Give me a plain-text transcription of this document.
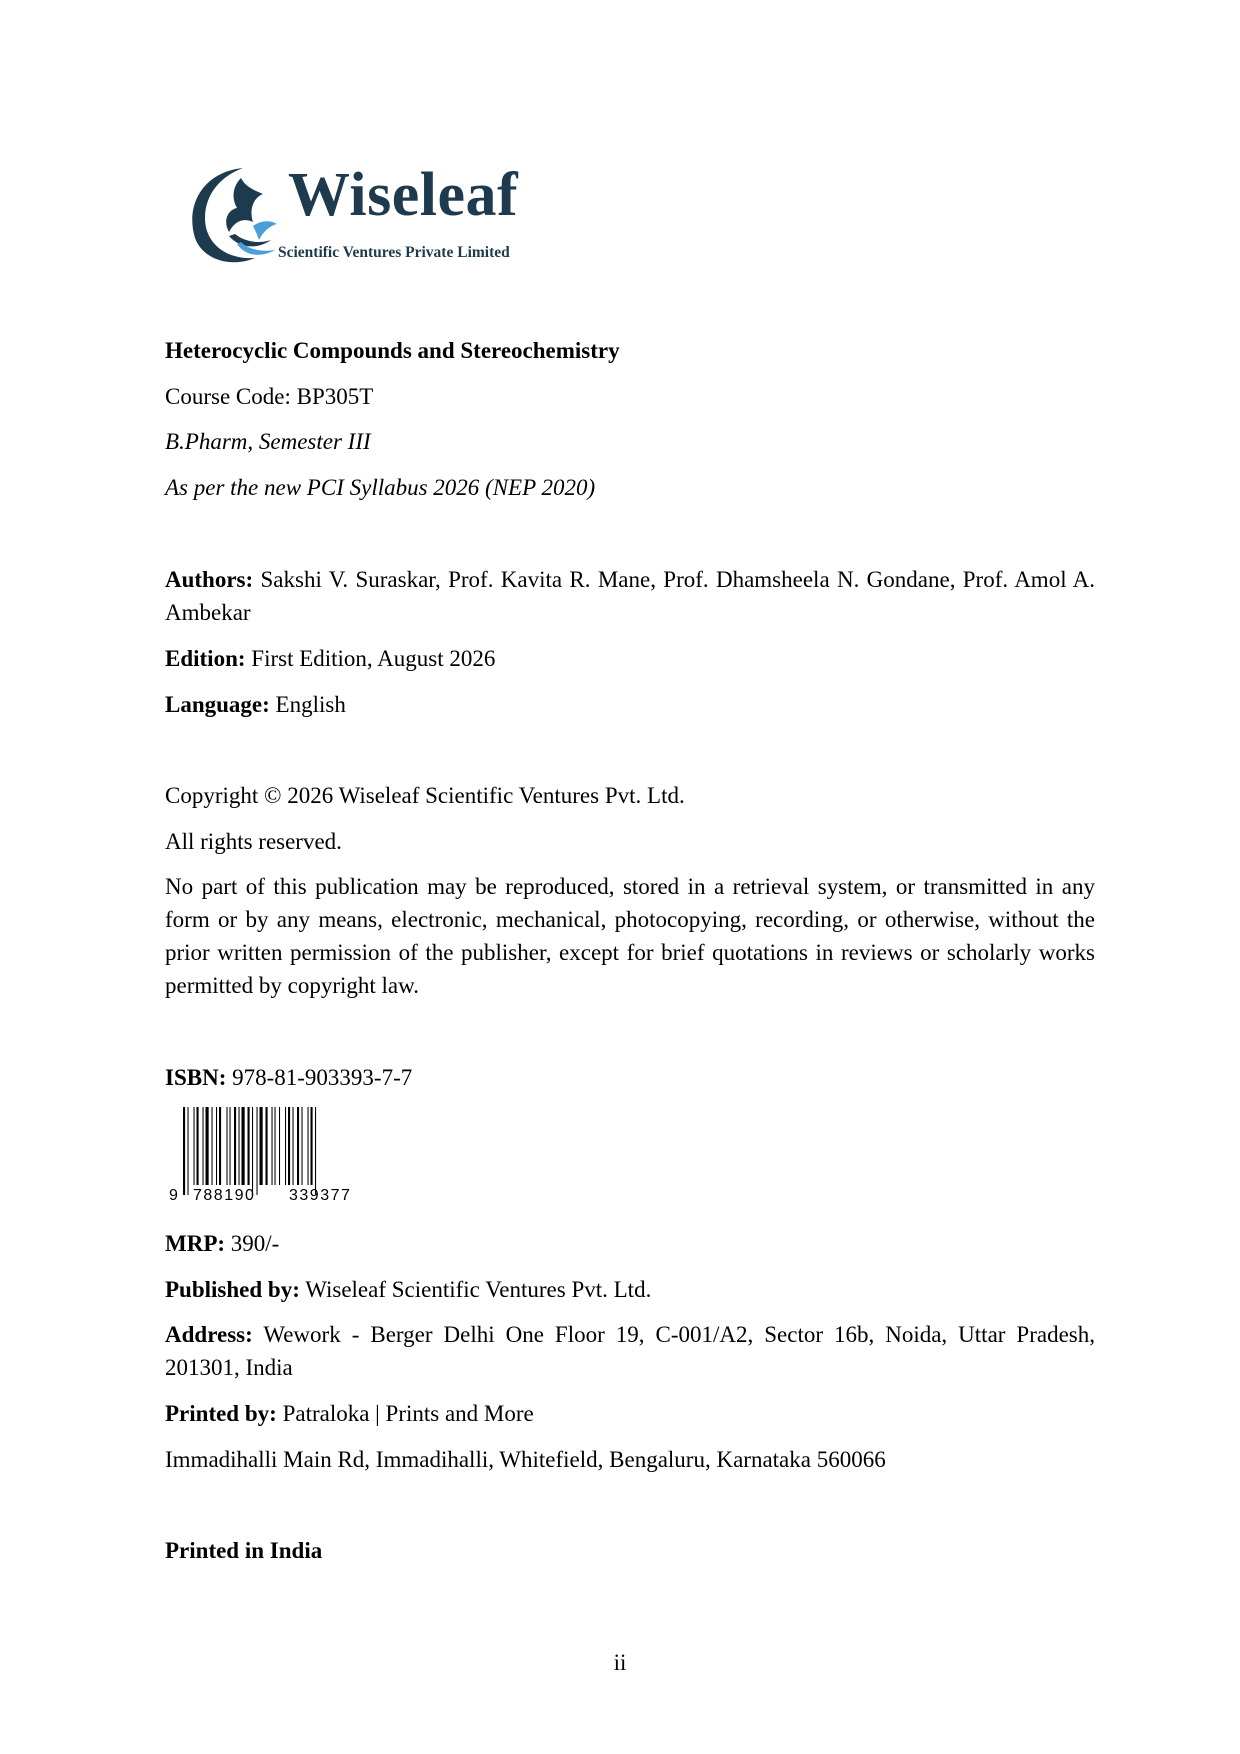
Wiseleaf
Scientific Ventures Private Limited
Heterocyclic Compounds and Stereochemistry
Course Code: BP305T
B.Pharm, Semester III
As per the new PCI Syllabus 2026 (NEP 2020)
Authors: Sakshi V. Suraskar, Prof. Kavita R. Mane, Prof. Dhamsheela N. Gondane, Prof. Amol A. Ambekar
Edition: First Edition, August 2026
Language: English
Copyright © 2026 Wiseleaf Scientific Ventures Pvt. Ltd.
All rights reserved.
No part of this publication may be reproduced, stored in a retrieval system, or transmitted in any form or by any means, electronic, mechanical, photocopying, recording, or otherwise, without the prior written permission of the publisher, except for brief quotations in reviews or scholarly works permitted by copyright law.
ISBN: 978-81-903393-7-7
MRP: 390/-
Published by: Wiseleaf Scientific Ventures Pvt. Ltd.
Address: Wework - Berger Delhi One Floor 19, C-001/A2, Sector 16b, Noida, Uttar Pradesh, 201301, India
Printed by: Patraloka | Prints and More
Immadihalli Main Rd, Immadihalli, Whitefield, Bengaluru, Karnataka 560066
Printed in India
9 788190 339377
ii
